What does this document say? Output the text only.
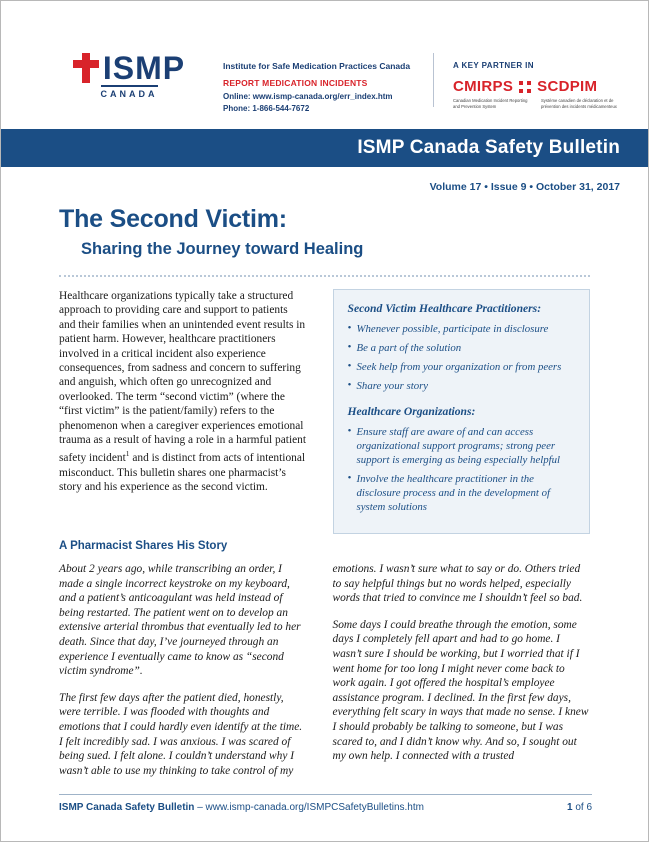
ISMP
CANADA
Institute for Safe Medication Practices Canada
REPORT MEDICATION INCIDENTS
Online: www.ismp-canada.org/err_index.htm
Phone: 1-866-544-7672
A KEY PARTNER IN
CMIRPS SCDPIM
Canadian Medication Incident Reporting and Prevention System
Système canadien de déclaration et de prévention des incidents médicamenteux
ISMP Canada Safety Bulletin
Volume 17 • Issue 9 • October 31, 2017
The Second Victim:
Sharing the Journey toward Healing

Healthcare organizations typically take a structured approach to providing care and support to patients and their families when an unintended event results in patient harm. However, healthcare practitioners involved in a critical incident also experience consequences, from sadness and concern to suffering and anguish, which often go unrecognized and overlooked. The term “second victim” (where the “first victim” is the patient/family) refers to the phenomenon when a caregiver experiences emotional trauma as a result of having a role in a harmful patient safety incident$^1$ and is distinct from acts of intentional misconduct. This bulletin shares one pharmacist’s story and his experience as the second victim.

Second Victim Healthcare Practitioners:
• Whenever possible, participate in disclosure
• Be a part of the solution
• Seek help from your organization or from peers
• Share your story
Healthcare Organizations:
• Ensure staff are aware of and can access organizational support programs; strong peer support is emerging as being especially helpful
• Involve the healthcare practitioner in the disclosure process and in the development of system solutions
A Pharmacist Shares His Story

About 2 years ago, while transcribing an order, I made a single incorrect keystroke on my keyboard, and a patient’s anticoagulant was held instead of being restarted. The patient went on to develop an extensive arterial thrombus that eventually led to her death. Since that day, I’ve journeyed through an experience I eventually came to know as “second victim syndrome”.

The first few days after the patient died, honestly, were terrible. I was flooded with thoughts and emotions that I could hardly even identify at the time. I felt incredibly sad. I was anxious. I was scared of being sued. I felt alone. I couldn’t understand why I wasn’t able to use my thinking to take control of my

emotions. I wasn’t sure what to say or do. Others tried to say helpful things but no words helped, especially words that tried to convince me I shouldn’t feel so bad.

Some days I could breathe through the emotion, some days I completely fell apart and had to go home. I wasn’t sure I should be working, but I worried that if I went home for too long I might never come back to work again. I got offered the hospital’s employee assistance program. I declined. In the first few days, everything felt scary in ways that made no sense. I knew I should probably be talking to someone, but I was scared to, and I didn’t know why. And so, I sought out my own help. I connected with a trusted

ISMP Canada Safety Bulletin – www.ismp-canada.org/ISMPCSafetyBulletins.htm	1 of 6
